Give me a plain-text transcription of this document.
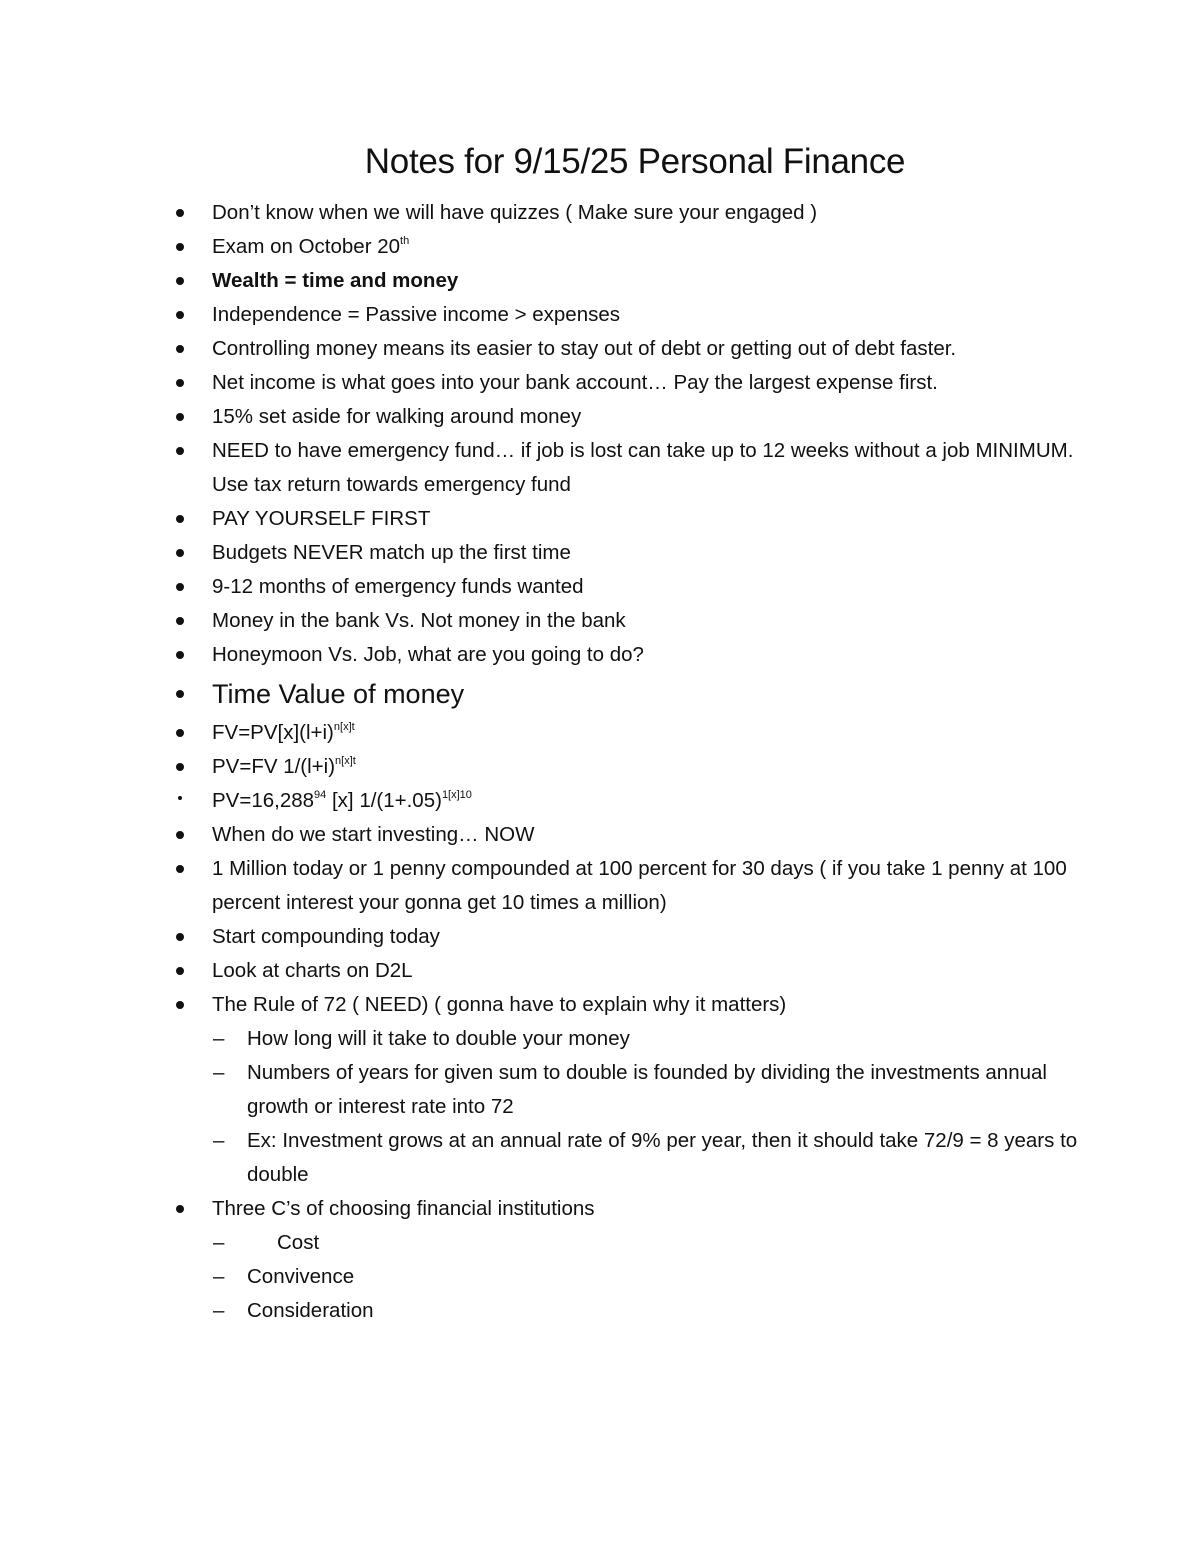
Notes for 9/15/25 Personal Finance
Don’t know when we will have quizzes ( Make sure your engaged )
Exam on October 20th
Wealth = time and money
Independence = Passive income > expenses
Controlling money means its easier to stay out of debt or getting out of debt faster.
Net income is what goes into your bank account… Pay the largest expense first.
15% set aside for walking around money
NEED to have emergency fund… if job is lost can take up to 12 weeks without a job MINIMUM. Use tax return towards emergency fund
PAY YOURSELF FIRST
Budgets NEVER match up the first time
9-12 months of emergency funds wanted
Money in the bank Vs. Not money in the bank
Honeymoon Vs. Job, what are you going to do?
Time Value of money
$FV=PV[x](l+i)^{n[x]t}$
PV=FV $1/(l+i)^{n[x]t}$
$PV=16,288^{94}$ [x] $1/(1+.05)^{1[x]10}$
When do we start investing… NOW
1 Million today or 1 penny compounded at 100 percent for 30 days ( if you take 1 penny at 100 percent interest your gonna get 10 times a million)
Start compounding today
Look at charts on D2L
The Rule of 72 ( NEED) ( gonna have to explain why it matters)
– How long will it take to double your money
– Numbers of years for given sum to double is founded by dividing the investments annual growth or interest rate into 72
– Ex: Investment grows at an annual rate of 9% per year, then it should take 72/9 = 8 years to double
Three C’s of choosing financial institutions
–	Cost
– Convivence
– Consideration
